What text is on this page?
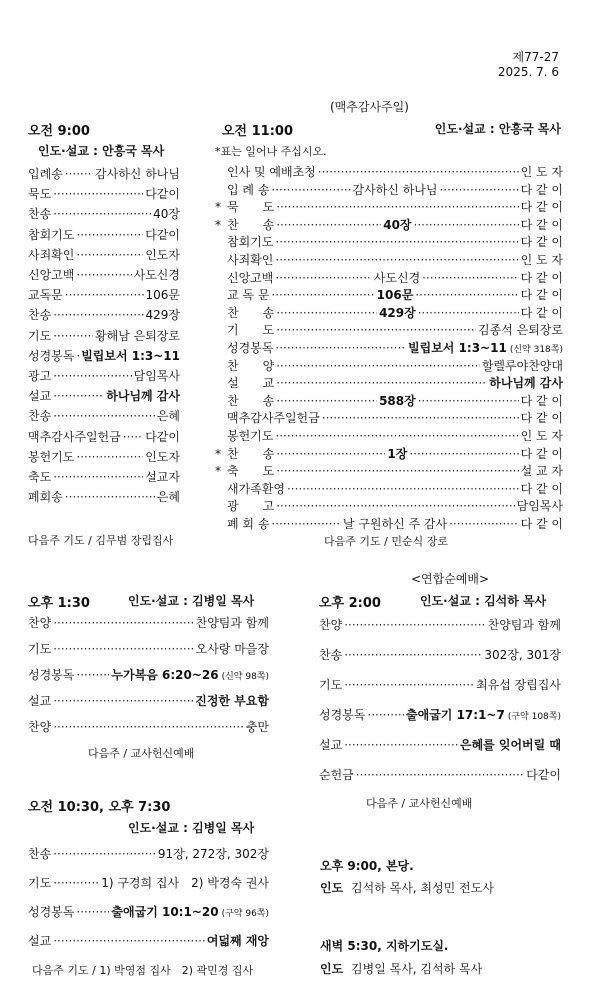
제77-27
2025. 7. 6
(맥추감사주일)
오전 9:00
인도·설교 : 안흥국 목사
입례송 ·····	감사하신 하나님
묵도 ·····	다같이
찬송 ·····	40장
참회기도 ·····	다같이
사죄확인 ·····	인도자
신앙고백 ·····	사도신경
교독문 ·····	106문
찬송 ·····	429장
기도 ·····	황해남 은퇴장로
성경봉독 ····· 빌립보서 1:3~11
광고 ·····	담임목사
설교 ·····	하나님께 감사
찬송 ·····	은혜
맥추감사주일헌금 ····· 다같이
봉헌기도 ·····	인도자
축도 ·····	설교자
폐회송 ·····	은혜
다음주 기도 / 김무범 장립집사
오전 11:00	인도·설교 : 안흥국 목사
*표는 일어나 주십시오.
인사 및 예배초청 ·····	인 도 자
입 례 송 ·····	감사하신 하나님 ·····	다 같 이
* 묵　　도 ·····	다 같 이
* 찬　　송 ·····	40장 ·····	다 같 이
참회기도 ·····	다 같 이
사죄확인 ·····	인 도 자
신앙고백 ·····	사도신경 ·····	다 같 이
교 독 문 ·····	106문 ·····	다 같 이
찬　　송 ·····	429장 ·····	다 같 이
기　　도 ·····	김종석 은퇴장로
성경봉독 ·····	빌립보서 1:3~11 (신약 318쪽)
찬　　양 ·····	할렐루야찬양대
설　　교 ·····	하나님께 감사
찬　　송 ·····	588장 ·····	다 같 이
맥추감사주일헌금 ·····	다 같 이
봉헌기도 ·····	인 도 자
* 찬　　송 ·····	1장 ·····	다 같 이
* 축　　도 ·····	설 교 자
새가족환영 ·····	다 같 이
광　　고 ·····	담임목사
폐 회 송 ·····	날 구원하신 주 감사 ·····	다 같 이
다음주 기도 / 민순식 장로
오후 1:30	인도·설교 : 김병일 목사
찬양 ·····	찬양팀과 함께
기도 ·····	오사랑 마을장
성경봉독 ·····	누가복음 6:20~26 (신약 98쪽)
설교 ·····	진정한 부요함
찬양 ·····	충만
다음주 / 교사헌신예배
<연합순예배>
오후 2:00	인도·설교 : 김석하 목사
찬양 ·····	찬양팀과 함께
찬송 ·····	302장, 301장
기도 ·····	최유섭 장립집사
성경봉독 ·····	출애굽기 17:1~7 (구약 108쪽)
설교 ·····	은혜를 잊어버릴 때
순헌금 ·····	다같이
다음주 / 교사헌신예배
오전 10:30, 오후 7:30
인도·설교 : 김병일 목사
찬송 ·····	91장, 272장, 302장
기도 ·····	1) 구경희 집사　2) 박경숙 권사
성경봉독 ·····	출애굽기 10:1~20 (구약 96쪽)
설교 ·····	여덟째 재앙
다음주 기도 / 1) 박영점 집사　2) 곽민경 집사
오후 9:00, 본당.
인도 김석하 목사, 최성민 전도사
새벽 5:30, 지하기도실.
인도 김병일 목사, 김석하 목사
